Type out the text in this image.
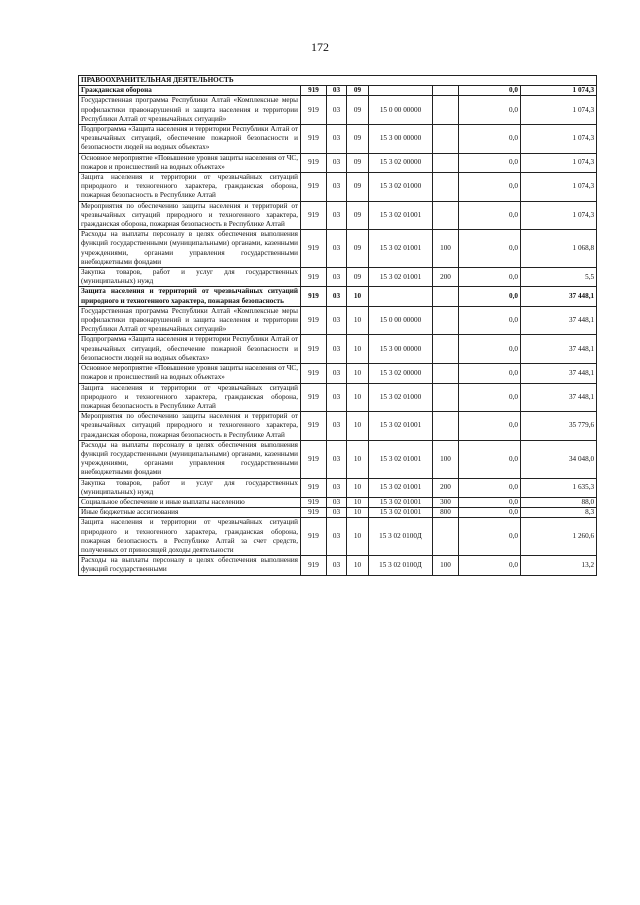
172
ПРАВООХРАНИТЕЛЬНАЯ ДЕЯТЕЛЬНОСТЬ							
Гражданская оборона	919	03	09			0,0	1 074,3
Государственная программа Республики Алтай «Комплексные меры профилактики правонарушений и защита населения и территории Республики Алтай от чрезвычайных ситуаций»	919	03	09	15 0 00 00000		0,0	1 074,3
Подпрограмма «Защита населения и территории Республики Алтай от чрезвычайных ситуаций, обеспечение пожарной безопасности и безопасности людей на водных объектах»	919	03	09	15 3 00 00000		0,0	1 074,3
Основное мероприятие «Повышение уровня защиты населения от ЧС, пожаров и происшествий на водных объектах»	919	03	09	15 3 02 00000		0,0	1 074,3
Защита населения и территории от чрезвычайных ситуаций природного и техногенного характера, гражданская оборона, пожарная безопасность в Республике Алтай	919	03	09	15 3 02 01000		0,0	1 074,3
Мероприятия по обеспечению защиты населения и территорий от чрезвычайных ситуаций природного и техногенного характера, гражданская оборона, пожарная безопасность в Республике Алтай	919	03	09	15 3 02 01001		0,0	1 074,3
Расходы на выплаты персоналу в целях обеспечения выполнения функций государственными (муниципальными) органами, казенными учреждениями, органами управления государственными внебюджетными фондами	919	03	09	15 3 02 01001	100	0,0	1 068,8
Закупка товаров, работ и услуг для государственных (муниципальных) нужд	919	03	09	15 3 02 01001	200	0,0	5,5
Защита населения и территорий от чрезвычайных ситуаций природного и техногенного характера, пожарная безопасность	919	03	10			0,0	37 448,1
Государственная программа Республики Алтай «Комплексные меры профилактики правонарушений и защита населения и территории Республики Алтай от чрезвычайных ситуаций»	919	03	10	15 0 00 00000		0,0	37 448,1
Подпрограмма «Защита населения и территории Республики Алтай от чрезвычайных ситуаций, обеспечение пожарной безопасности и безопасности людей на водных объектах»	919	03	10	15 3 00 00000		0,0	37 448,1
Основное мероприятие «Повышение уровня защиты населения от ЧС, пожаров и происшествий на водных объектах»	919	03	10	15 3 02 00000		0,0	37 448,1
Защита населения и территории от чрезвычайных ситуаций природного и техногенного характера, гражданская оборона, пожарная безопасность в Республике Алтай	919	03	10	15 3 02 01000		0,0	37 448,1
Мероприятия по обеспечению защиты населения и территорий от чрезвычайных ситуаций природного и техногенного характера, гражданская оборона, пожарная безопасность в Республике Алтай	919	03	10	15 3 02 01001		0,0	35 779,6
Расходы на выплаты персоналу в целях обеспечения выполнения функций государственными (муниципальными) органами, казенными учреждениями, органами управления государственными внебюджетными фондами	919	03	10	15 3 02 01001	100	0,0	34 048,0
Закупка товаров, работ и услуг для государственных (муниципальных) нужд	919	03	10	15 3 02 01001	200	0,0	1 635,3
Социальное обеспечение и иные выплаты населению	919	03	10	15 3 02 01001	300	0,0	88,0
Иные бюджетные ассигнования	919	03	10	15 3 02 01001	800	0,0	8,3
Защита населения и территории от чрезвычайных ситуаций природного и техногенного характера, гражданская оборона, пожарная безопасность в Республике Алтай за счет средств, полученных от приносящей доходы деятельности	919	03	10	15 3 02 0100Д		0,0	1 260,6
Расходы на выплаты персоналу в целях обеспечения выполнения функций государственными	919	03	10	15 3 02 0100Д	100	0,0	13,2
